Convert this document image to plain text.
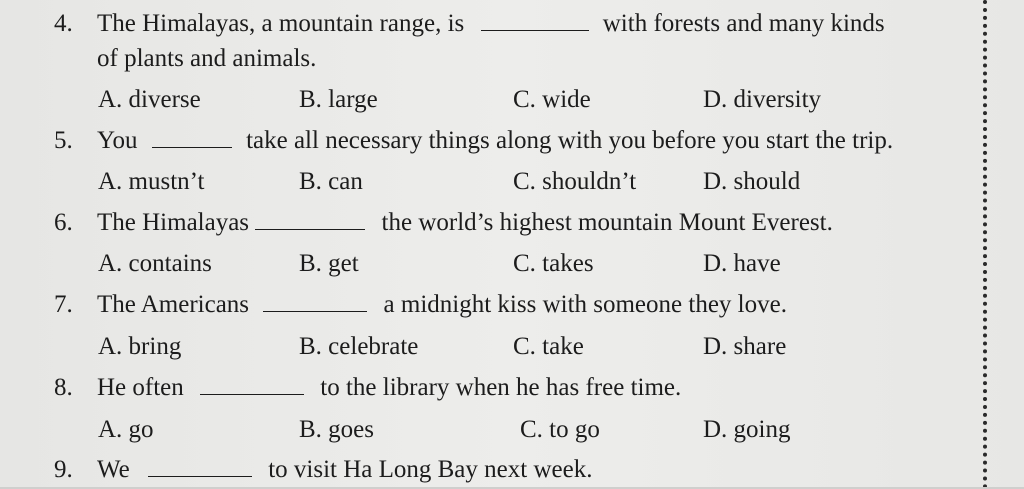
4. The Himalayas, a mountain range, is	with forests and many kinds
of plants and animals.
A. diverse	B. large	C. wide	D. diversity
5. You	take all necessary things along with you before you start the trip.
A. mustn’t	B. can	C. shouldn’t	D. should
6. The Himalayas	the world’s highest mountain Mount Everest.
A. contains	B. get	C. takes	D. have
7. The Americans	a midnight kiss with someone they love.
A. bring	B. celebrate	C. take	D. share
8. He often	to the library when he has free time.
A. go	B. goes	C. to go	D. going
9. We	to visit Ha Long Bay next week.
